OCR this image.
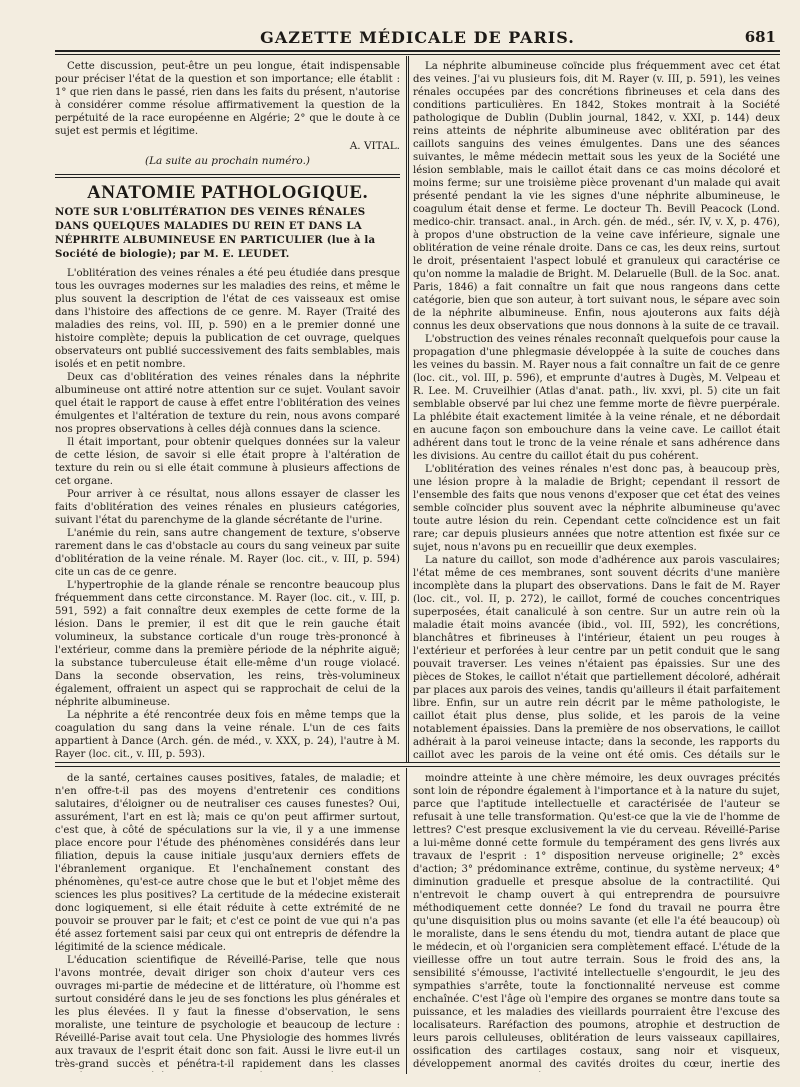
GAZETTE MÉDICALE DE PARIS.	681

Cette discussion, peut-être un peu longue, était indispensable pour préciser l'état de la question et son importance; elle établit : 1° que rien dans le passé, rien dans les faits du présent, n'autorise à considérer comme résolue affirmativement la question de la perpétuité de la race européenne en Algérie; 2° que le doute à ce sujet est permis et légitime.

A. VITAL.
(La suite au prochain numéro.)
ANATOMIE PATHOLOGIQUE.
NOTE SUR L'OBLITÉRATION DES VEINES RÉNALES DANS QUELQUES MALADIES DU REIN ET DANS LA NÉPHRITE ALBUMINEUSE EN PARTICULIER (lue à la Société de biologie); par M. E. LEUDET.

L'oblitération des veines rénales a été peu étudiée dans presque tous les ouvrages modernes sur les maladies des reins, et même le plus souvent la description de l'état de ces vaisseaux est omise dans l'histoire des affections de ce genre. M. Rayer (Traité des maladies des reins, vol. III, p. 590) en a le premier donné une histoire complète; depuis la publication de cet ouvrage, quelques observateurs ont publié successivement des faits semblables, mais isolés et en petit nombre.

Deux cas d'oblitération des veines rénales dans la néphrite albumineuse ont attiré notre attention sur ce sujet. Voulant savoir quel était le rapport de cause à effet entre l'oblitération des veines émulgentes et l'altération de texture du rein, nous avons comparé nos propres observations à celles déjà connues dans la science.

Il était important, pour obtenir quelques données sur la valeur de cette lésion, de savoir si elle était propre à l'altération de texture du rein ou si elle était commune à plusieurs affections de cet organe.

Pour arriver à ce résultat, nous allons essayer de classer les faits d'oblitération des veines rénales en plusieurs catégories, suivant l'état du parenchyme de la glande sécrétante de l'urine.

L'anémie du rein, sans autre changement de texture, s'observe rarement dans le cas d'obstacle au cours du sang veineux par suite d'oblitération de la veine rénale. M. Rayer (loc. cit., v. III, p. 594) cite un cas de ce genre.

L'hypertrophie de la glande rénale se rencontre beaucoup plus fréquemment dans cette circonstance. M. Rayer (loc. cit., v. III, p. 591, 592) a fait connaître deux exemples de cette forme de la lésion. Dans le premier, il est dit que le rein gauche était volumineux, la substance corticale d'un rouge très-prononcé à l'extérieur, comme dans la première période de la néphrite aiguë; la substance tuberculeuse était elle-même d'un rouge violacé. Dans la seconde observation, les reins, très-volumineux également, offraient un aspect qui se rapprochait de celui de la néphrite albumineuse.

La néphrite a été rencontrée deux fois en même temps que la coagulation du sang dans la veine rénale. L'un de ces faits appartient à Dance (Arch. gén. de méd., v. XXX, p. 24), l'autre à M. Rayer (loc. cit., v. III, p. 593).

La néphrite albumineuse coïncide plus fréquemment avec cet état des veines. J'ai vu plusieurs fois, dit M. Rayer (v. III, p. 591), les veines rénales occupées par des concrétions fibrineuses et cela dans des conditions particulières. En 1842, Stokes montrait à la Société pathologique de Dublin (Dublin journal, 1842, v. XXI, p. 144) deux reins atteints de néphrite albumineuse avec oblitération par des caillots sanguins des veines émulgentes. Dans une des séances suivantes, le même médecin mettait sous les yeux de la Société une lésion semblable, mais le caillot était dans ce cas moins décoloré et moins ferme; sur une troisième pièce provenant d'un malade qui avait présenté pendant la vie les signes d'une néphrite albumineuse, le coagulum était dense et ferme. Le docteur Th. Bevill Peacock (Lond. medico-chir. transact. anal., in Arch. gén. de méd., sér. IV, v. X, p. 476), à propos d'une obstruction de la veine cave inférieure, signale une oblitération de veine rénale droite. Dans ce cas, les deux reins, surtout le droit, présentaient l'aspect lobulé et granuleux qui caractérise ce qu'on nomme la maladie de Bright. M. Delaruelle (Bull. de la Soc. anat. Paris, 1846) a fait connaître un fait que nous rangeons dans cette catégorie, bien que son auteur, à tort suivant nous, le sépare avec soin de la néphrite albumineuse. Enfin, nous ajouterons aux faits déjà connus les deux observations que nous donnons à la suite de ce travail.

L'obstruction des veines rénales reconnaît quelquefois pour cause la propagation d'une phlegmasie développée à la suite de couches dans les veines du bassin. M. Rayer nous a fait connaître un fait de ce genre (loc. cit., vol. III, p. 596), et emprunte d'autres à Dugès, M. Velpeau et R. Lee. M. Cruveilhier (Atlas d'anat. path., liv. xxvi, pl. 5) cite un fait semblable observé par lui chez une femme morte de fièvre puerpérale. La phlébite était exactement limitée à la veine rénale, et ne débordait en aucune façon son embouchure dans la veine cave. Le caillot était adhérent dans tout le tronc de la veine rénale et sans adhérence dans les divisions. Au centre du caillot était du pus cohérent.

L'oblitération des veines rénales n'est donc pas, à beaucoup près, une lésion propre à la maladie de Bright; cependant il ressort de l'ensemble des faits que nous venons d'exposer que cet état des veines semble coïncider plus souvent avec la néphrite albumineuse qu'avec toute autre lésion du rein. Cependant cette coïncidence est un fait rare; car depuis plusieurs années que notre attention est fixée sur ce sujet, nous n'avons pu en recueillir que deux exemples.

La nature du caillot, son mode d'adhérence aux parois vasculaires; l'état même de ces membranes, sont souvent décrits d'une manière incomplète dans la plupart des observations. Dans le fait de M. Rayer (loc. cit., vol. II, p. 272), le caillot, formé de couches concentriques superposées, était canaliculé à son centre. Sur un autre rein où la maladie était moins avancée (ibid., vol. III, 592), les concrétions, blanchâtres et fibrineuses à l'intérieur, étaient un peu rouges à l'extérieur et perforées à leur centre par un petit conduit que le sang pouvait traverser. Les veines n'étaient pas épaissies. Sur une des pièces de Stokes, le caillot n'était que partiellement décoloré, adhérait par places aux parois des veines, tandis qu'ailleurs il était parfaitement libre. Enfin, sur un autre rein décrit par le même pathologiste, le caillot était plus dense, plus solide, et les parois de la veine notablement épaissies. Dans la première de nos observations, le caillot adhérait à la paroi veineuse intacte; dans la seconde, les rapports du caillot avec les parois de la veine ont été omis. Ces détails sur le

de la santé, certaines causes positives, fatales, de maladie; et n'en offre-t-il pas des moyens d'entretenir ces conditions salutaires, d'éloigner ou de neutraliser ces causes funestes? Oui, assurément, l'art en est là; mais ce qu'on peut affirmer surtout, c'est que, à côté de spéculations sur la vie, il y a une immense place encore pour l'étude des phénomènes considérés dans leur filiation, depuis la cause initiale jusqu'aux derniers effets de l'ébranlement organique. Et l'enchaînement constant des phénomènes, qu'est-ce autre chose que le but et l'objet même des sciences les plus positives? La certitude de la médecine existerait donc logiquement, si elle était réduite à cette extrémité de ne pouvoir se prouver par le fait; et c'est ce point de vue qui n'a pas été assez fortement saisi par ceux qui ont entrepris de défendre la légitimité de la science médicale.

L'éducation scientifique de Réveillé-Parise, telle que nous l'avons montrée, devait diriger son choix d'auteur vers ces ouvrages mi-partie de médecine et de littérature, où l'homme est surtout considéré dans le jeu de ses fonctions les plus générales et les plus élevées. Il y faut la finesse d'observation, le sens moraliste, une teinture de psychologie et beaucoup de lecture : Réveillé-Parise avait tout cela. Une Physiologie des hommes livrés aux travaux de l'esprit était donc son fait. Aussi le livre eut-il un très-grand succès et pénétra-t-il rapidement dans les classes

moindre atteinte à une chère mémoire, les deux ouvrages précités sont loin de répondre également à l'importance et à la nature du sujet, parce que l'aptitude intellectuelle et caractérisée de l'auteur se refusait à une telle transformation. Qu'est-ce que la vie de l'homme de lettres? C'est presque exclusivement la vie du cerveau. Réveillé-Parise a lui-même donné cette formule du tempérament des gens livrés aux travaux de l'esprit : 1° disposition nerveuse originelle; 2° excès d'action; 3° prédominance extrême, continue, du système nerveux; 4° diminution graduelle et presque absolue de la contractilité. Qui n'entrevoit le champ ouvert à qui entreprendra de poursuivre méthodiquement cette donnée? Le fond du travail ne pourra être qu'une disquisition plus ou moins savante (et elle l'a été beaucoup) où le moraliste, dans le sens étendu du mot, tiendra autant de place que le médecin, et où l'organicien sera complètement effacé. L'étude de la vieillesse offre un tout autre terrain. Sous le froid des ans, la sensibilité s'émousse, l'activité intellectuelle s'engourdit, le jeu des sympathies s'arrête, toute la fonctionnalité nerveuse est comme enchaînée. C'est l'âge où l'empire des organes se montre dans toute sa puissance, et les maladies des vieillards pourraient être l'excuse des localisateurs. Raréfaction des poumons, atrophie et destruction de leurs parois celluleuses, oblitération de leurs vaisseaux capillaires, ossification des cartilages costaux, sang noir et visqueux, développement anormal des cavités droites du cœur, inertie des
